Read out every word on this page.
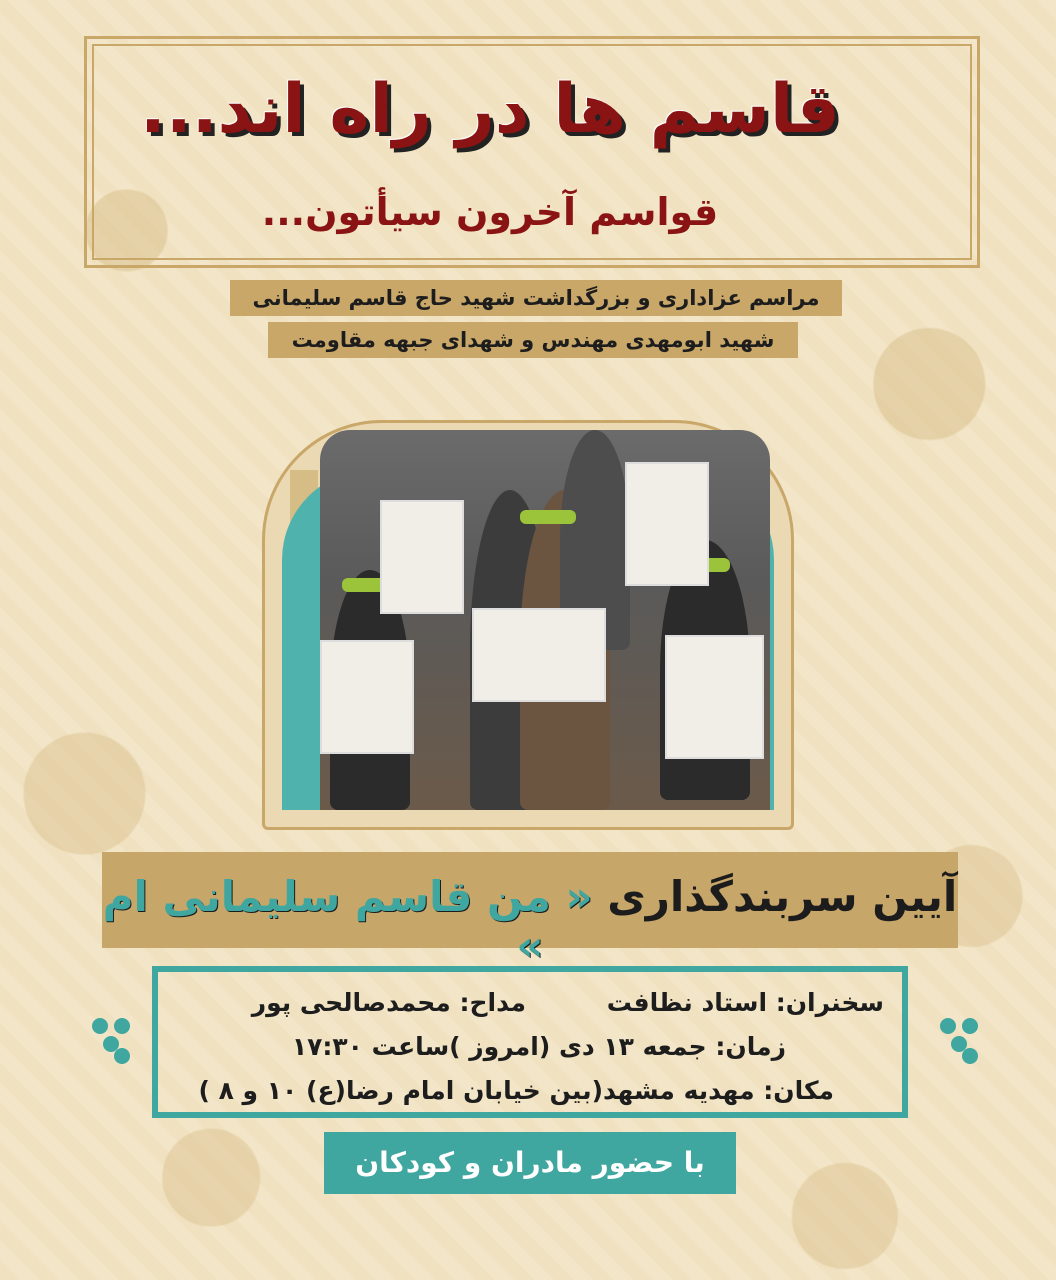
قاسم ها در راه اند...
قواسم آخرون سیأتون...
مراسم عزاداری و بزرگداشت شهید حاج قاسم سلیمانی
شهید ابومهدی مهندس و شهدای جبهه مقاومت
آیین سربندگذاری « من قاسم سلیمانی ام »
سخنران: استاد نظافت
مداح: محمدصالحی پور
زمان: جمعه ۱۳ دی (امروز )ساعت ۱۷:۳۰
مکان: مهدیه مشهد(بین خیابان امام رضا(ع) ۱۰ و ۸ )
با حضور مادران و کودکان
